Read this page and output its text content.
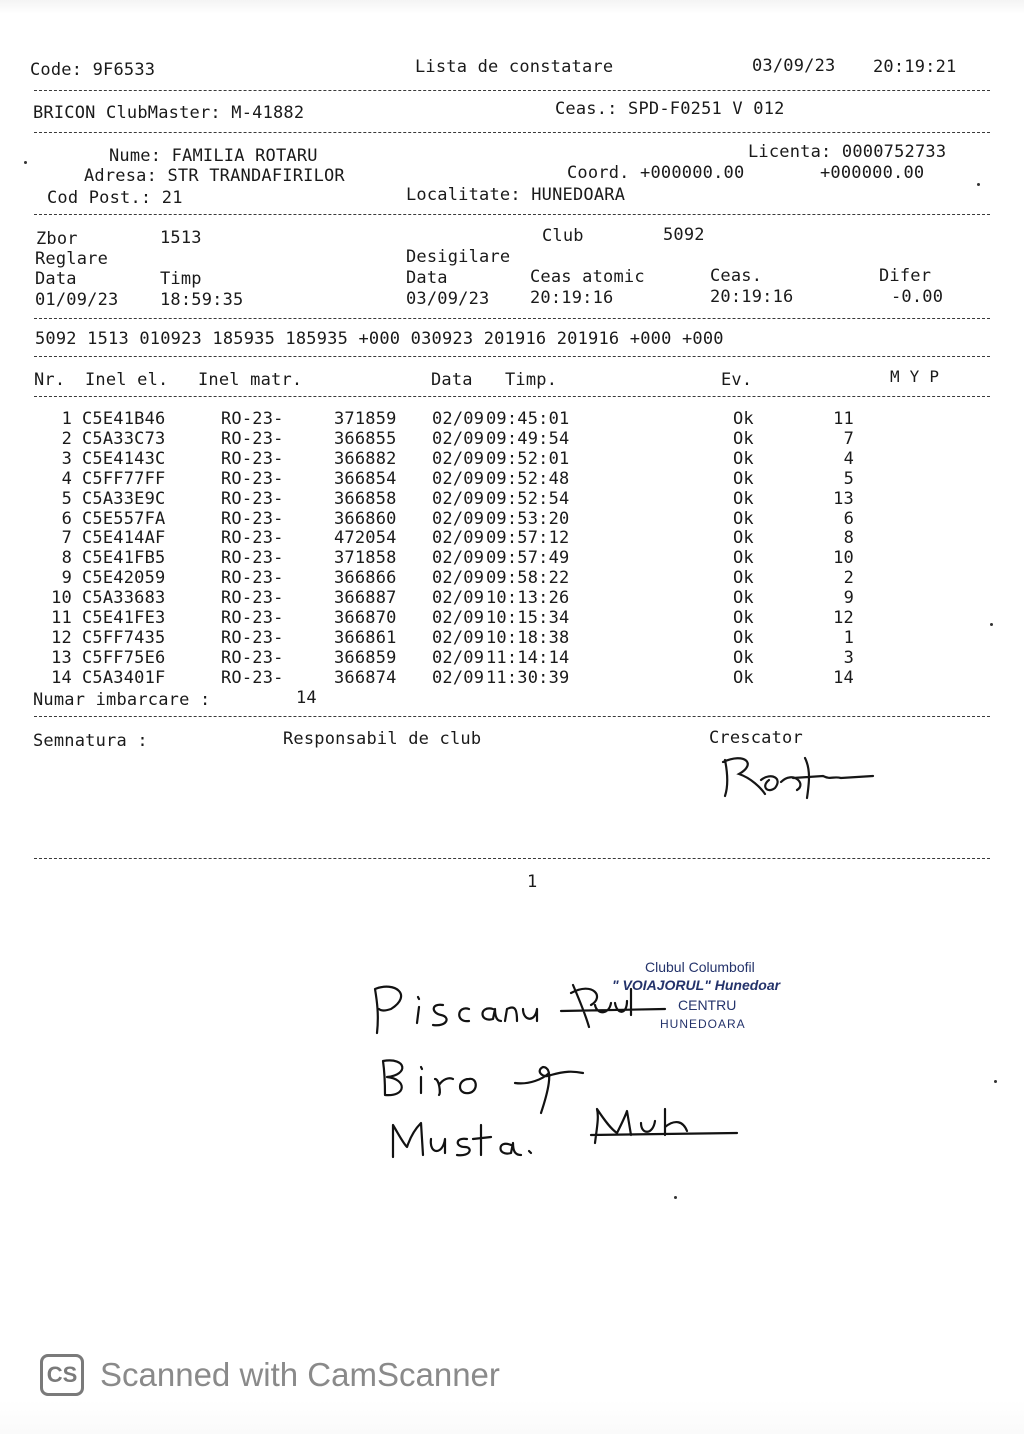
Code: 9F6533	Lista de constatare	03/09/23 20:19:21
BRICON ClubMaster: M-41882	Ceas.: SPD-F0251 V 012
Nume: FAMILIA ROTARU
Adresa: STR TRANDAFIRILOR
Cod Post.: 21
Licenta: 0000752733
Coord. +000000.00	+000000.00
Localitate: HUNEDOARA
Zbor	1513	Club	5092
Reglare	Desigilare
Data	Timp	Data	Ceas atomic	Ceas.	Difer
01/09/23 18:59:35	03/09/23 20:19:16	20:19:16	-0.00
5092 1513 010923 185935 185935 +000 030923 201916 201916 +000 +000
Nr. Inel el. Inel matr.	Data Timp.	Ev.	M Y P
1 C5E41B46	RO-23-	371859 02/09 09:45:01	Ok	11
2 C5A33C73	RO-23-	366855 02/09 09:49:54	Ok	7
3 C5E4143C	RO-23-	366882 02/09 09:52:01	Ok	4
4 C5FF77FF	RO-23-	366854 02/09 09:52:48	Ok	5
5 C5A33E9C	RO-23-	366858 02/09 09:52:54	Ok	13
6 C5E557FA	RO-23-	366860 02/09 09:53:20	Ok	6
7 C5E414AF	RO-23-	472054 02/09 09:57:12	Ok	8
8 C5E41FB5	RO-23-	371858 02/09 09:57:49	Ok	10
9 C5E42059	RO-23-	366866 02/09 09:58:22	Ok	2
10 C5A33683	RO-23-	366887 02/09 10:13:26	Ok	9
11 C5E41FE3	RO-23-	366870 02/09 10:15:34	Ok	12
12 C5FF7435	RO-23-	366861 02/09 10:18:38	Ok	1
13 C5FF75E6	RO-23-	366859 02/09 11:14:14	Ok	3
14 C5A3401F	RO-23-	366874 02/09 11:30:39	Ok	14
Numar imbarcare :	14
Semnatura :	Responsabil de club	Crescator
1
Clubul Columbofil
" VOIAJORUL" Hunedoar
CENTRU
HUNEDOARA
CS Scanned with CamScanner
